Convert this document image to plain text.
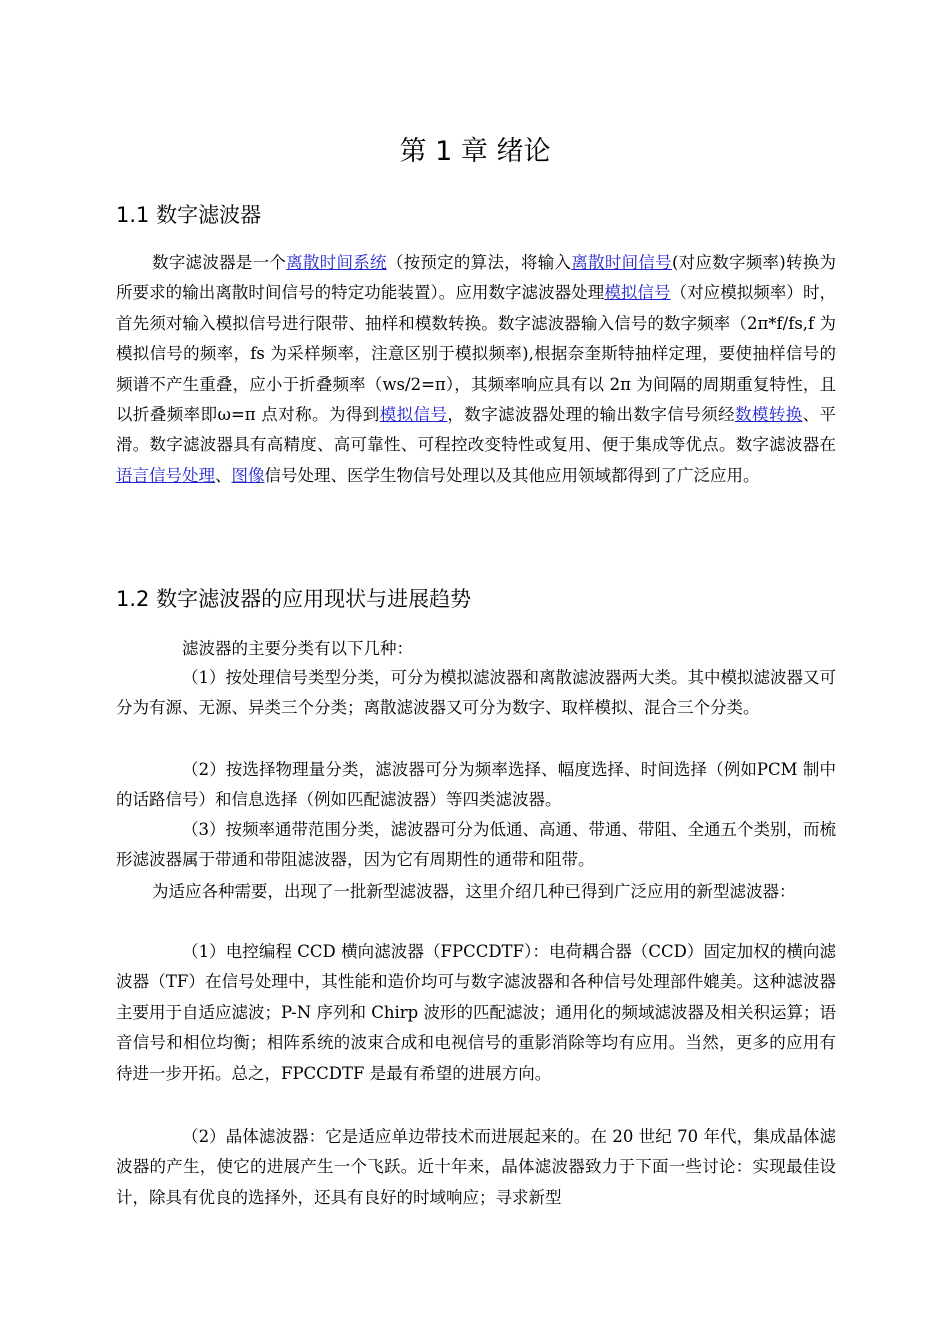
第 1 章 绪论
1.1 数字滤波器

数字滤波器是一个离散时间系统（按预定的算法，将输入离散时间信号(对应数字频率)转换为所要求的输出离散时间信号的特定功能装置）。应用数字滤波器处理模拟信号（对应模拟频率）时，首先须对输入模拟信号进行限带、抽样和模数转换。数字滤波器输入信号的数字频率（2π*f/fs,f 为模拟信号的频率，fs 为采样频率，注意区别于模拟频率),根据奈奎斯特抽样定理，要使抽样信号的频谱不产生重叠，应小于折叠频率（ws/2=π），其频率响应具有以 2π 为间隔的周期重复特性，且以折叠频率即ω=π 点对称。为得到模拟信号，数字滤波器处理的输出数字信号须经数模转换、平滑。数字滤波器具有高精度、高可靠性、可程控改变特性或复用、便于集成等优点。数字滤波器在语言信号处理、图像信号处理、医学生物信号处理以及其他应用领域都得到了广泛应用。

1.2 数字滤波器的应用现状与进展趋势

滤波器的主要分类有以下几种：

（1）按处理信号类型分类，可分为模拟滤波器和离散滤波器两大类。其中模拟滤波器又可分为有源、无源、异类三个分类；离散滤波器又可分为数字、取样模拟、混合三个分类。

（2）按选择物理量分类，滤波器可分为频率选择、幅度选择、时间选择（例如PCM 制中的话路信号）和信息选择（例如匹配滤波器）等四类滤波器。

（3）按频率通带范围分类，滤波器可分为低通、高通、带通、带阻、全通五个类别，而梳形滤波器属于带通和带阻滤波器，因为它有周期性的通带和阻带。

为适应各种需要，出现了一批新型滤波器，这里介绍几种已得到广泛应用的新型滤波器：

（1）电控编程 CCD 横向滤波器（FPCCDTF）：电荷耦合器（CCD）固定加权的横向滤波器（TF）在信号处理中，其性能和造价均可与数字滤波器和各种信号处理部件媲美。这种滤波器主要用于自适应滤波；P-N 序列和 Chirp 波形的匹配滤波；通用化的频域滤波器及相关积运算；语音信号和相位均衡；相阵系统的波束合成和电视信号的重影消除等均有应用。当然，更多的应用有待进一步开拓。总之，FPCCDTF 是最有希望的进展方向。

（2）晶体滤波器：它是适应单边带技术而进展起来的。在 20 世纪 70 年代，集成晶体滤波器的产生，使它的进展产生一个飞跃。近十年来，晶体滤波器致力于下面一些讨论：实现最佳设计，除具有优良的选择外，还具有良好的时域响应；寻求新型
